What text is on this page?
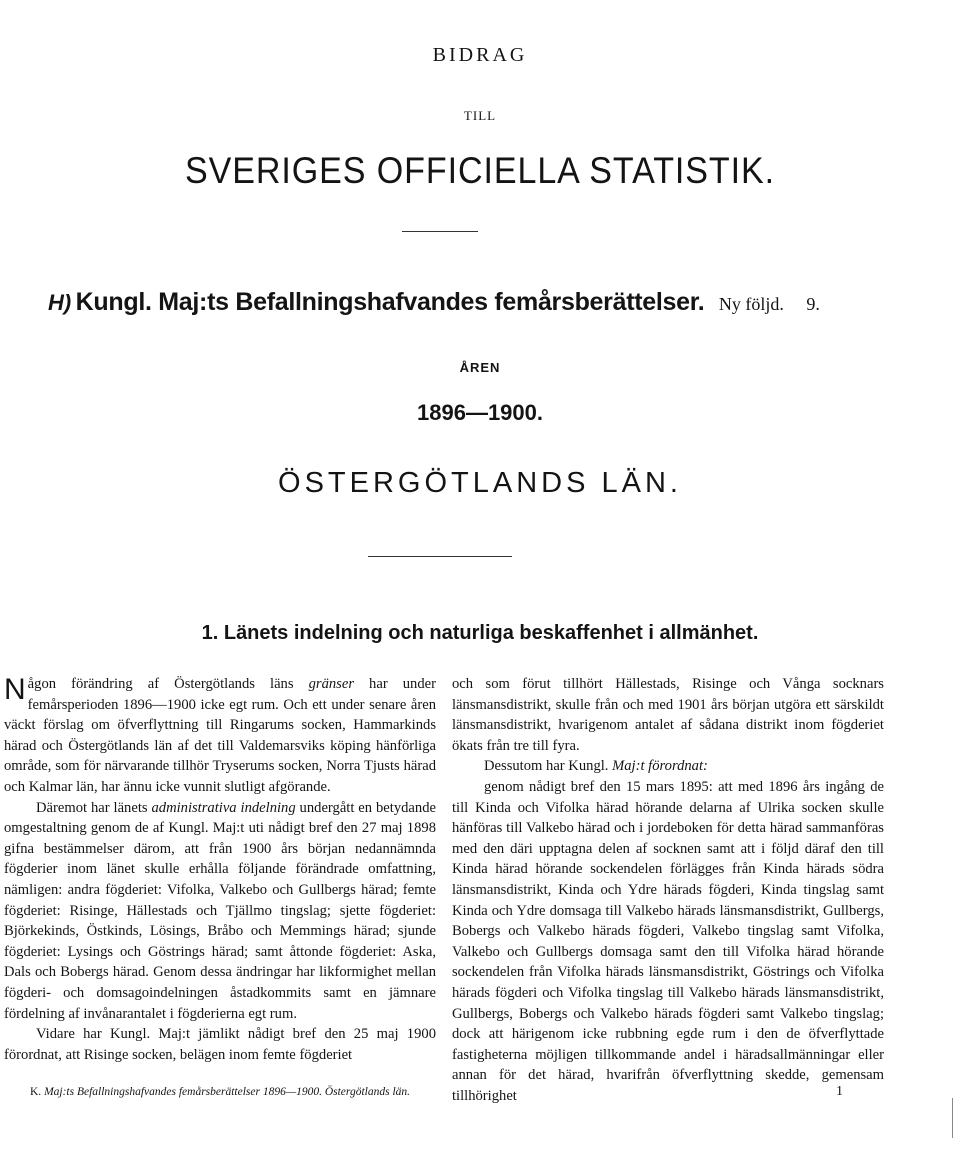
BIDRAG
TILL
SVERIGES OFFICIELLA STATISTIK.
H) Kungl. Maj:ts Befallningshafvandes femårsberättelser. Ny följd. 9.
ÅREN
1896—1900.
ÖSTERGÖTLANDS LÄN.
1. Länets indelning och naturliga beskaffenhet i allmänhet.

Någon förändring af Östergötlands läns gränser har under femårsperioden 1896—1900 icke egt rum. Och ett under senare åren väckt förslag om öfverflyttning till Ringarums socken, Hammarkinds härad och Östergötlands län af det till Valdemarsviks köping hänförliga område, som för närvarande tillhör Tryserums socken, Norra Tjusts härad och Kalmar län, har ännu icke vunnit slutligt afgörande.

Däremot har länets administrativa indelning undergått en betydande omgestaltning genom de af Kungl. Maj:t uti nådigt bref den 27 maj 1898 gifna bestämmelser därom, att från 1900 års början nedannämnda fögderier inom länet skulle erhålla följande förändrade omfattning, nämligen: andra fögderiet: Vifolka, Valkebo och Gullbergs härad; femte fögderiet: Risinge, Hällestads och Tjällmo tingslag; sjette fögderiet: Björkekinds, Östkinds, Lösings, Bråbo och Memmings härad; sjunde fögderiet: Lysings och Göstrings härad; samt åttonde fögderiet: Aska, Dals och Bobergs härad. Genom dessa ändringar har likformighet mellan fögderi- och domsagoindelningen åstadkommits samt en jämnare fördelning af invånarantalet i fögderierna egt rum.

Vidare har Kungl. Maj:t jämlikt nådigt bref den 25 maj 1900 förordnat, att Risinge socken, belägen inom femte fögderiet

och som förut tillhört Hällestads, Risinge och Vånga socknars länsmansdistrikt, skulle från och med 1901 års början utgöra ett särskildt länsmansdistrikt, hvarigenom antalet af sådana distrikt inom fögderiet ökats från tre till fyra.

Dessutom har Kungl. Maj:t förordnat:

genom nådigt bref den 15 mars 1895: att med 1896 års ingång de till Kinda och Vifolka härad hörande delarna af Ulrika socken skulle hänföras till Valkebo härad och i jordeboken för detta härad sammanföras med den däri upptagna delen af socknen samt att i följd däraf den till Kinda härad hörande sockendelen förlägges från Kinda härads södra länsmansdistrikt, Kinda och Ydre härads fögderi, Kinda tingslag samt Kinda och Ydre domsaga till Valkebo härads länsmansdistrikt, Gullbergs, Bobergs och Valkebo härads fögderi, Valkebo tingslag samt Vifolka, Valkebo och Gullbergs domsaga samt den till Vifolka härad hörande sockendelen från Vifolka härads länsmansdistrikt, Göstrings och Vifolka härads fögderi och Vifolka tingslag till Valkebo härads länsmansdistrikt, Gullbergs, Bobergs och Valkebo härads fögderi samt Valkebo tingslag; dock att härigenom icke rubbning egde rum i den de öfverflyttade fastigheterna möjligen tillkommande andel i häradsallmänningar eller annan för det härad, hvarifrån öfverflyttning skedde, gemensam tillhörighet

K. Maj:ts Befallningshafvandes femårsberättelser 1896—1900. Östergötlands län.	1
